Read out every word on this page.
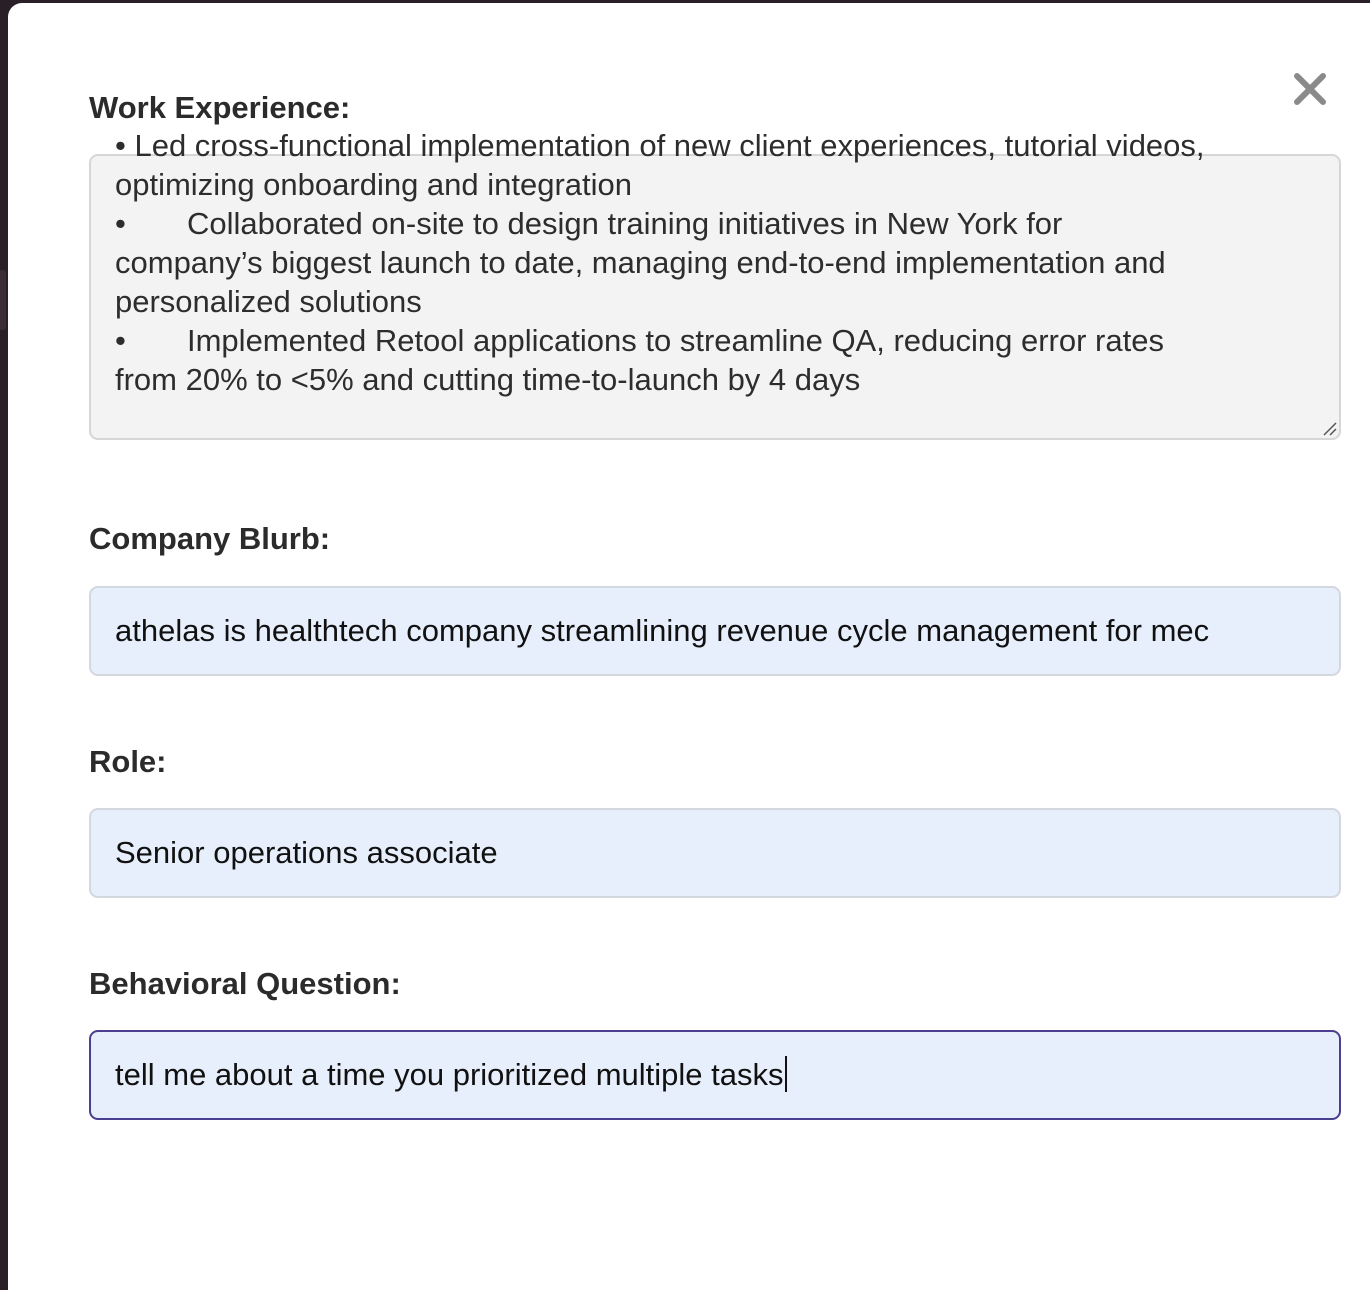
Work Experience:
• Led cross-functional implementation of new client experiences, tutorial videos,
optimizing onboarding and integration
• Collaborated on-site to design training initiatives in New York for
company’s biggest launch to date, managing end-to-end implementation and
personalized solutions
• Implemented Retool applications to streamline QA, reducing error rates
from 20% to <5% and cutting time-to-launch by 4 days
Company Blurb:
athelas is healthtech company streamlining revenue cycle management for mec
Role:
Senior operations associate
Behavioral Question:
tell me about a time you prioritized multiple tasks
